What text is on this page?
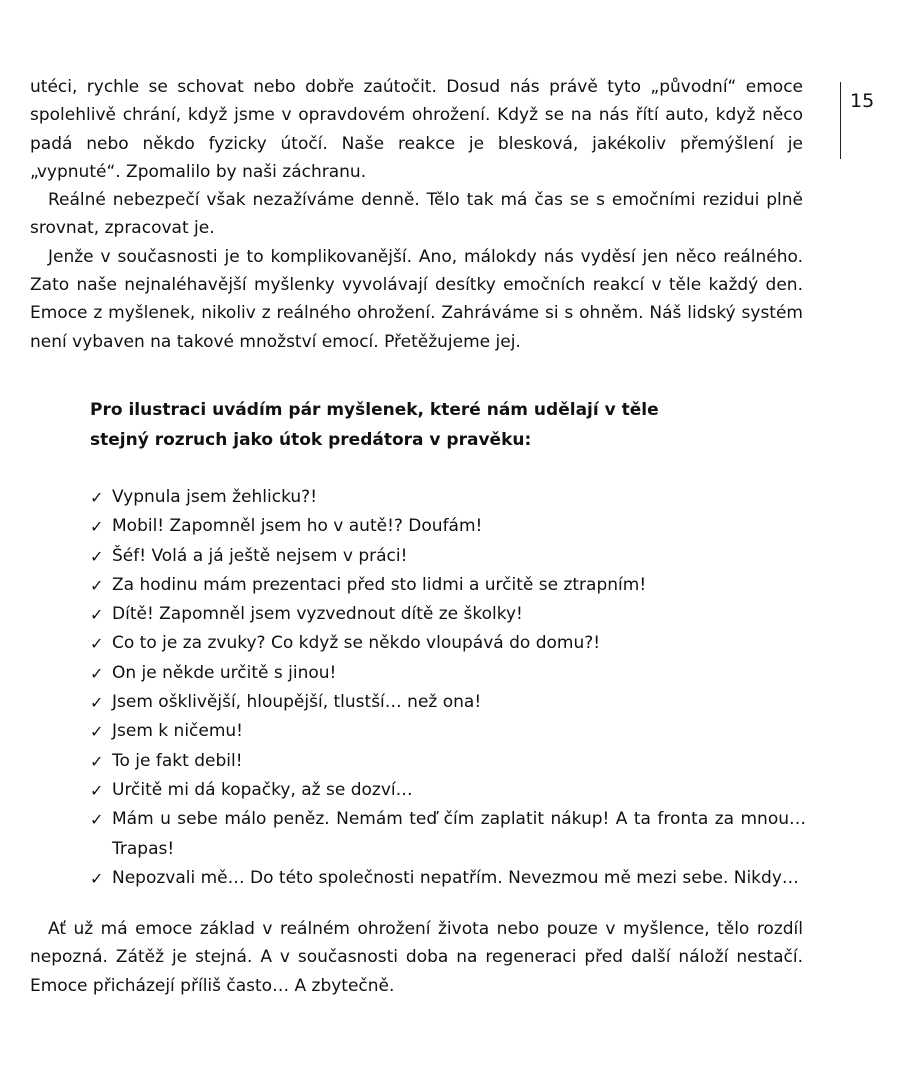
15

utéci, rychle se schovat nebo dobře zaútočit. Dosud nás právě tyto „původní“ emoce spolehlivě chrání, když jsme v opravdovém ohrožení. Když se na nás řítí auto, když něco padá nebo někdo fyzicky útočí. Naše reakce je blesková, jakékoliv přemýšlení je „vypnuté“. Zpomalilo by naši záchranu.

Reálné nebezpečí však nezažíváme denně. Tělo tak má čas se s emočními rezidui plně srovnat, zpracovat je.

Jenže v současnosti je to komplikovanější. Ano, málokdy nás vyděsí jen něco reálného. Zato naše nejnaléhavější myšlenky vyvolávají desítky emočních reakcí v těle každý den. Emoce z myšlenek, nikoliv z reálného ohrožení. Zahráváme si s ohněm. Náš lidský systém není vybaven na takové množství emocí. Přetěžujeme jej.

Pro ilustraci uvádím pár myšlenek, které nám udělají v těle
stejný rozruch jako útok predátora v pravěku:

✓ Vypnula jsem žehlicku?!
✓ Mobil! Zapomněl jsem ho v autě!? Doufám!
✓ Šéf! Volá a já ještě nejsem v práci!
✓ Za hodinu mám prezentaci před sto lidmi a určitě se ztrapním!
✓ Dítě! Zapomněl jsem vyzvednout dítě ze školky!
✓ Co to je za zvuky? Co když se někdo vloupává do domu?!
✓ On je někde určitě s jinou!
✓ Jsem ošklivější, hloupější, tlustší… než ona!
✓ Jsem k ničemu!
✓ To je fakt debil!
✓ Určitě mi dá kopačky, až se dozví…
✓ Mám u sebe málo peněz. Nemám teď čím zaplatit nákup! A ta fronta za mnou… Trapas!
✓ Nepozvali mě… Do této společnosti nepatřím. Nevezmou mě mezi sebe. Nikdy…

Ať už má emoce základ v reálném ohrožení života nebo pouze v myšlence, tělo rozdíl nepozná. Zátěž je stejná. A v současnosti doba na regeneraci před další náloží nestačí. Emoce přicházejí příliš často… A zbytečně.
